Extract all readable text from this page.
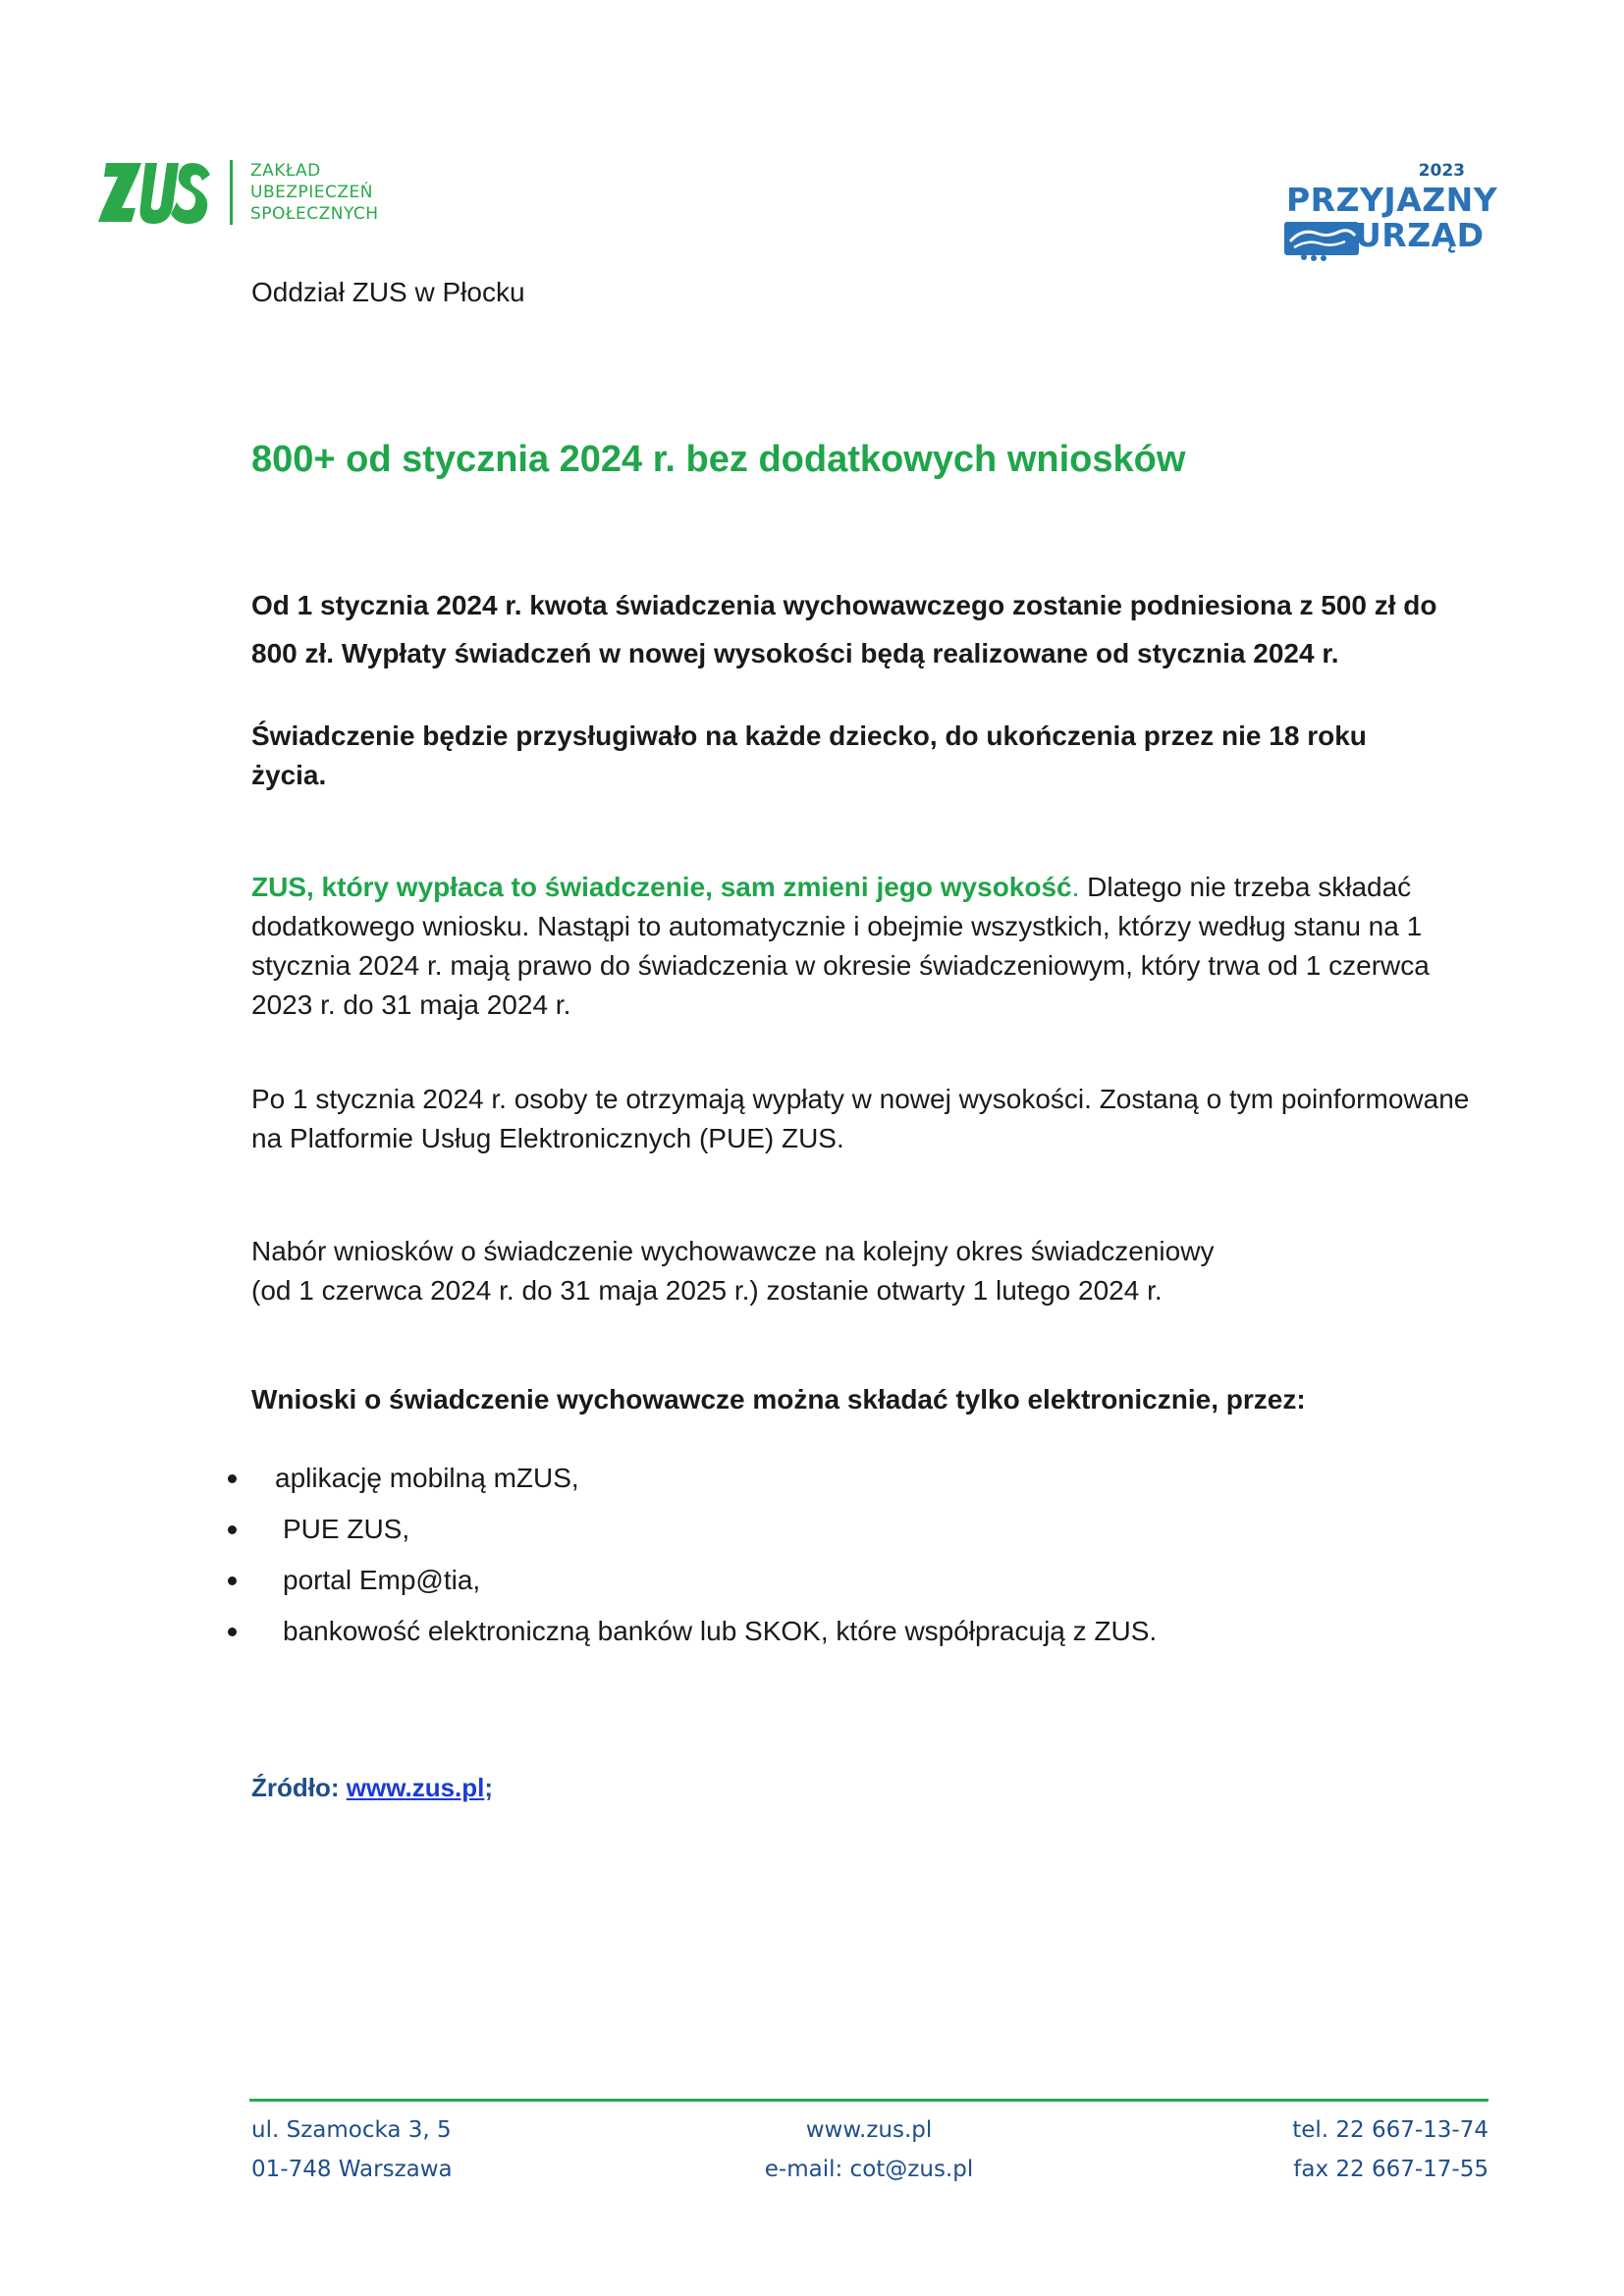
ZAKŁAD
UBEZPIECZEŃ
SPOŁECZNYCH
2023
PRZYJAZNY
URZĄD
Oddział ZUS w Płocku
800+ od stycznia 2024 r. bez dodatkowych wniosków
Od 1 stycznia 2024 r. kwota świadczenia wychowawczego zostanie podniesiona z 500 zł do 800 zł. Wypłaty świadczeń w nowej wysokości będą realizowane od stycznia 2024 r.
Świadczenie będzie przysługiwało na każde dziecko, do ukończenia przez nie 18 roku życia.
ZUS, który wypłaca to świadczenie, sam zmieni jego wysokość. Dlatego nie trzeba składać dodatkowego wniosku. Nastąpi to automatycznie i obejmie wszystkich, którzy według stanu na 1 stycznia 2024 r. mają prawo do świadczenia w okresie świadczeniowym, który trwa od 1 czerwca 2023 r. do 31 maja 2024 r.
Po 1 stycznia 2024 r. osoby te otrzymają wypłaty w nowej wysokości. Zostaną o tym poinformowane na Platformie Usług Elektronicznych (PUE) ZUS.
Nabór wniosków o świadczenie wychowawcze na kolejny okres świadczeniowy
(od 1 czerwca 2024 r. do 31 maja 2025 r.) zostanie otwarty 1 lutego 2024 r.
Wnioski o świadczenie wychowawcze można składać tylko elektronicznie, przez:
aplikację mobilną mZUS,
PUE ZUS,
portal Emp@tia,
bankowość elektroniczną banków lub SKOK, które współpracują z ZUS.
Źródło: www.zus.pl;
ul. Szamocka 3, 5
01-748 Warszawa
www.zus.pl
e-mail: cot@zus.pl
tel. 22 667-13-74
fax 22 667-17-55
